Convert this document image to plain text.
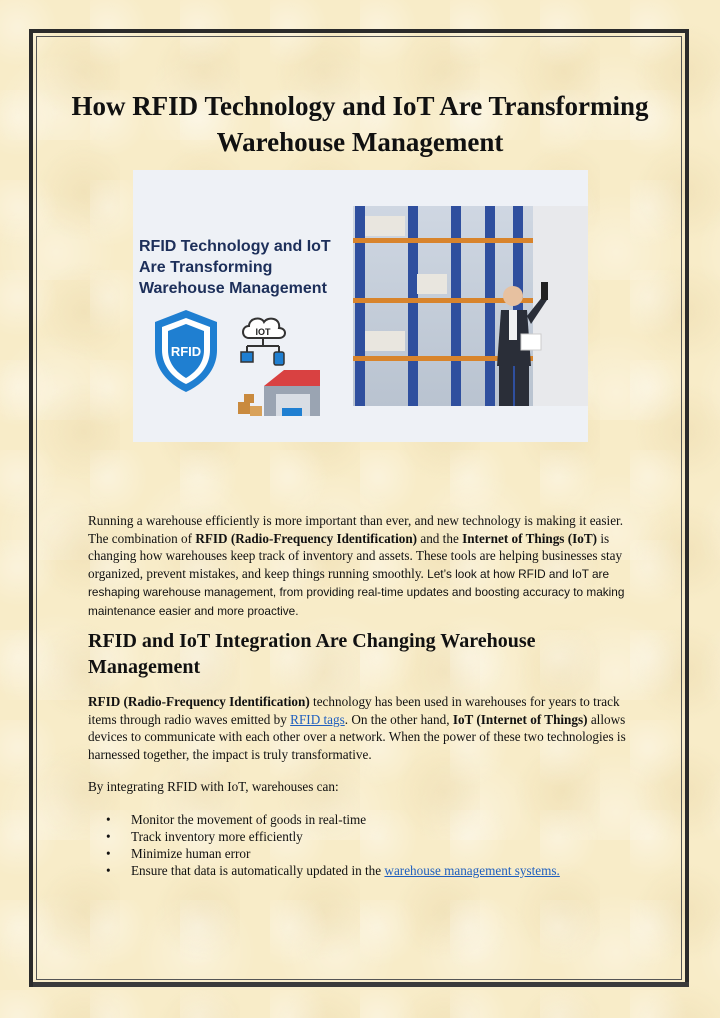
How RFID Technology and IoT Are Transforming Warehouse Management
RFID Technology and IoT Are Transforming Warehouse Management
RFID
IOT

Running a warehouse efficiently is more important than ever, and new technology is making it easier. The combination of RFID (Radio-Frequency Identification) and the Internet of Things (IoT) is changing how warehouses keep track of inventory and assets. These tools are helping businesses stay organized, prevent mistakes, and keep things running smoothly. Let’s look at how RFID and IoT are reshaping warehouse management, from providing real-time updates and boosting accuracy to making maintenance easier and more proactive.

RFID and IoT Integration Are Changing Warehouse Management

RFID (Radio-Frequency Identification) technology has been used in warehouses for years to track items through radio waves emitted by RFID tags. On the other hand, IoT (Internet of Things) allows devices to communicate with each other over a network. When the power of these two technologies is harnessed together, the impact is truly transformative.

By integrating RFID with IoT, warehouses can:

• Monitor the movement of goods in real-time
• Track inventory more efficiently
• Minimize human error
• Ensure that data is automatically updated in the warehouse management systems.
